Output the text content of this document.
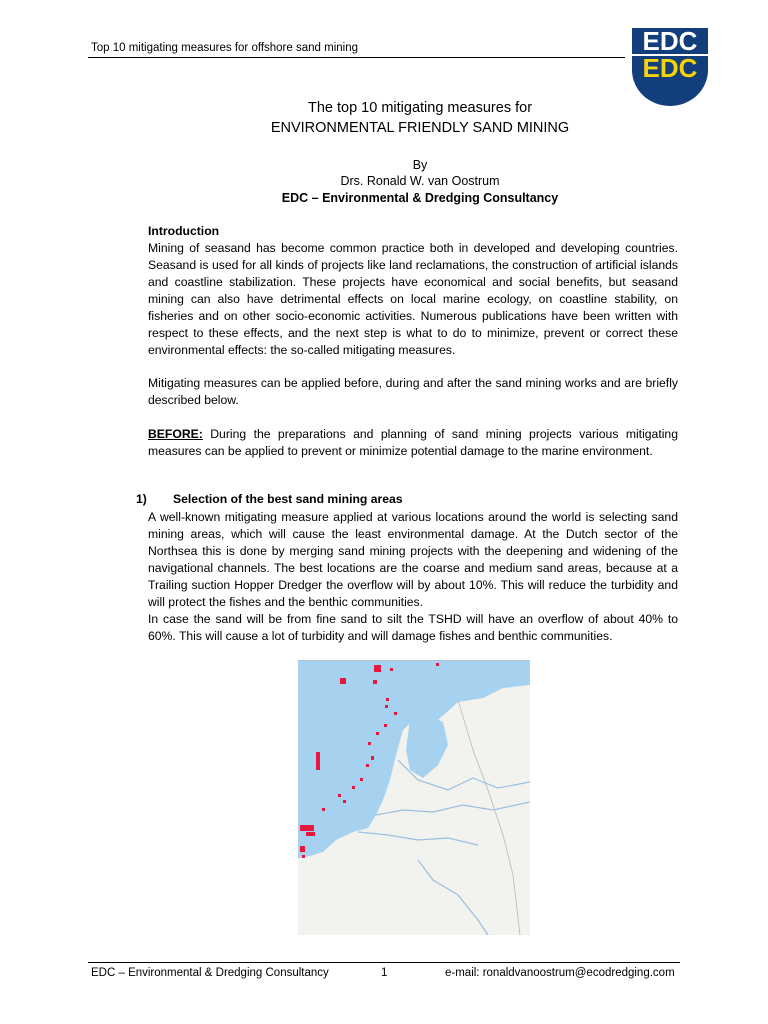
Top 10 mitigating measures for offshore sand mining	EDC
EDC
The top 10 mitigating measures for
ENVIRONMENTAL FRIENDLY SAND MINING
By
Drs. Ronald W. van Oostrum
EDC – Environmental & Dredging Consultancy

Introduction

Mining of seasand has become common practice both in developed and developing countries. Seasand is used for all kinds of projects like land reclamations, the construction of artificial islands and coastline stabilization. These projects have economical and social benefits, but seasand mining can also have detrimental effects on local marine ecology, on coastline stability, on fisheries and on other socio-economic activities. Numerous publications have been written with respect to these effects, and the next step is what to do to minimize, prevent or correct these environmental effects: the so-called mitigating measures.

Mitigating measures can be applied before, during and after the sand mining works and are briefly described below.

BEFORE: During the preparations and planning of sand mining projects various mitigating measures can be applied to prevent or minimize potential damage to the marine environment.

1) Selection of the best sand mining areas

A well-known mitigating measure applied at various locations around the world is selecting sand mining areas, which will cause the least environmental damage. At the Dutch sector of the Northsea this is done by merging sand mining projects with the deepening and widening of the navigational channels. The best locations are the coarse and medium sand areas, because at a Trailing suction Hopper Dredger the overflow will by about 10%. This will reduce the turbidity and will protect the fishes and the benthic communities.

In case the sand will be from fine sand to silt the TSHD will have an overflow of about 40% to 60%. This will cause a lot of turbidity and will damage fishes and benthic communities.

EDC – Environmental & Dredging Consultancy	1	e-mail: ronaldvanoostrum@ecodredging.com
